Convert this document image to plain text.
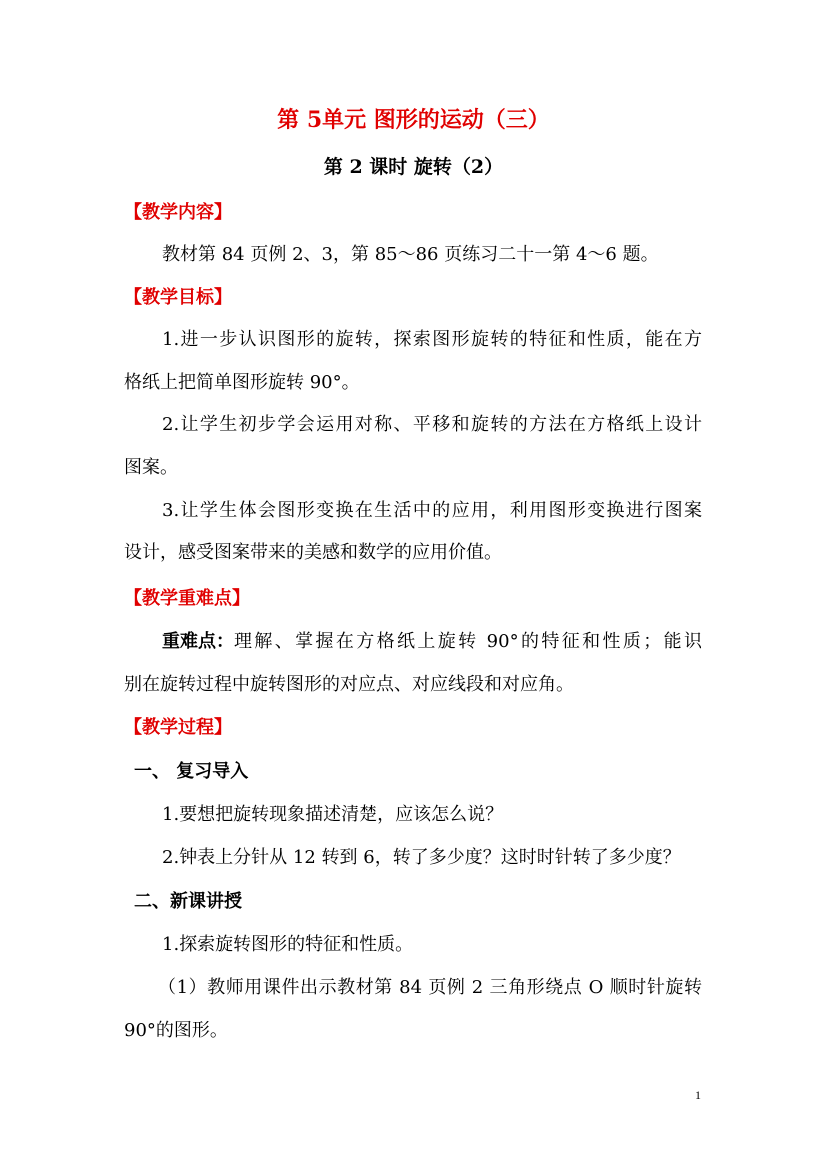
第 5单元 图形的运动（三）
第 2 课时 旋转（2）
【教学内容】
教材第 84 页例 2、3，第 85～86 页练习二十一第 4～6 题。
【教学目标】
1.进一步认识图形的旋转，探索图形旋转的特征和性质，能在方
格纸上把简单图形旋转 90°。
2.让学生初步学会运用对称、平移和旋转的方法在方格纸上设计
图案。
3.让学生体会图形变换在生活中的应用，利用图形变换进行图案
设计，感受图案带来的美感和数学的应用价值。
【教学重难点】
重难点： 理解、掌握在方格纸上旋转 90°的特征和性质；能识
别在旋转过程中旋转图形的对应点、对应线段和对应角。
【教学过程】
一、 复习导入
1.要想把旋转现象描述清楚，应该怎么说？
2.钟表上分针从 12 转到 6，转了多少度？这时时针转了多少度？
二、新课讲授
1.探索旋转图形的特征和性质。
（1）教师用课件出示教材第 84 页例 2 三角形绕点 O 顺时针旋转
90°的图形。
1
